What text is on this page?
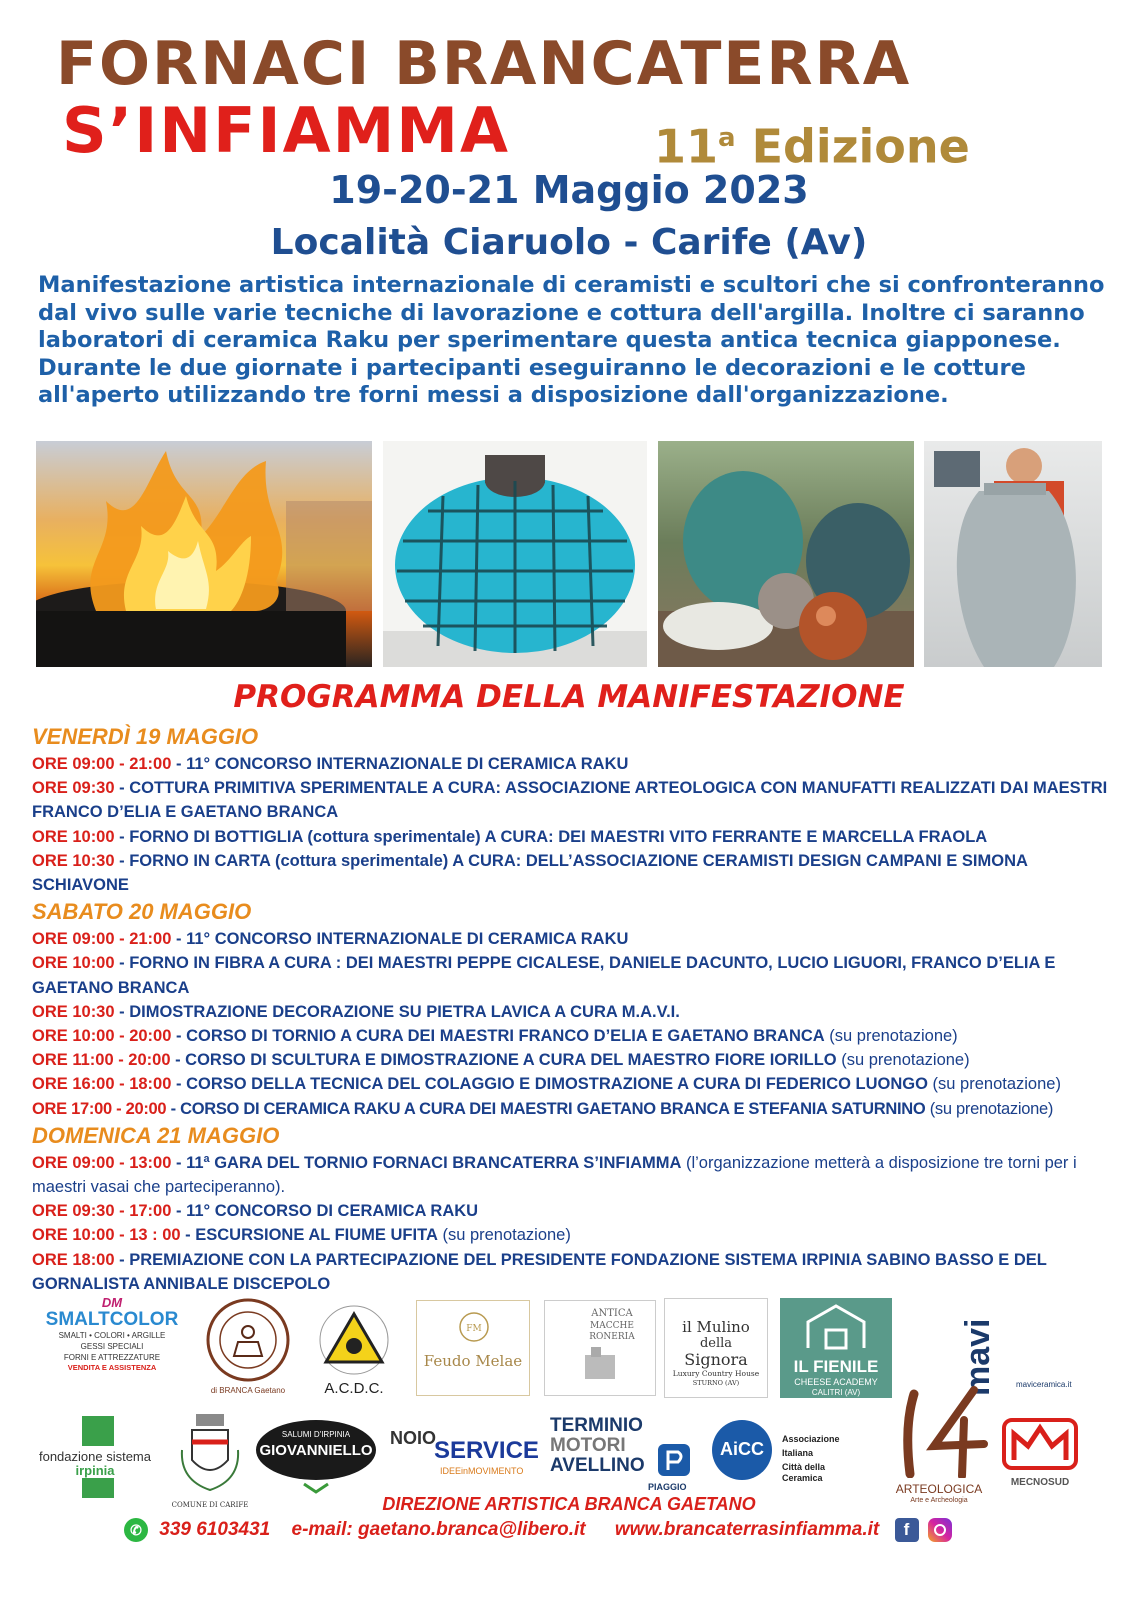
FORNACI BRANCATERRA
S’INFIAMMA	11$^a$ Edizione
19-20-21 Maggio 2023
Località Ciaruolo - Carife (Av)
Manifestazione artistica internazionale di ceramisti e scultori che si confronteranno dal vivo sulle varie tecniche di lavorazione e cottura dell'argilla. Inoltre ci saranno laboratori di ceramica Raku per sperimentare questa antica tecnica giapponese. Durante le due giornate i partecipanti eseguiranno le decorazioni e le cotture all'aperto utilizzando tre forni messi a disposizione dall'organizzazione.
PROGRAMMA DELLA MANIFESTAZIONE
VENERDÌ 19 MAGGIO
ORE 09:00 - 21:00 - 11° CONCORSO INTERNAZIONALE DI CERAMICA RAKU
ORE 09:30 - COTTURA PRIMITIVA SPERIMENTALE A CURA: ASSOCIAZIONE ARTEOLOGICA CON MANUFATTI REALIZZATI DAI MAESTRI FRANCO D’ELIA E GAETANO BRANCA
ORE 10:00 - FORNO DI BOTTIGLIA (cottura sperimentale) A CURA: DEI MAESTRI VITO FERRANTE E MARCELLA FRAOLA
ORE 10:30 - FORNO IN CARTA (cottura sperimentale) A CURA: DELL’ASSOCIAZIONE CERAMISTI DESIGN CAMPANI E SIMONA SCHIAVONE
SABATO 20 MAGGIO
ORE 09:00 - 21:00 - 11° CONCORSO INTERNAZIONALE DI CERAMICA RAKU
ORE 10:00 - FORNO IN FIBRA A CURA : DEI MAESTRI PEPPE CICALESE, DANIELE DACUNTO, LUCIO LIGUORI, FRANCO D’ELIA E GAETANO BRANCA
ORE 10:30 - DIMOSTRAZIONE DECORAZIONE SU PIETRA LAVICA A CURA M.A.V.I.
ORE 10:00 - 20:00 - CORSO DI TORNIO A CURA DEI MAESTRI FRANCO D’ELIA E GAETANO BRANCA (su prenotazione)
ORE 11:00 - 20:00 - CORSO DI SCULTURA E DIMOSTRAZIONE A CURA DEL MAESTRO FIORE IORILLO (su prenotazione)
ORE 16:00 - 18:00 - CORSO DELLA TECNICA DEL COLAGGIO E DIMOSTRAZIONE A CURA DI FEDERICO LUONGO (su prenotazione)
ORE 17:00 - 20:00 - CORSO DI CERAMICA RAKU A CURA DEI MAESTRI GAETANO BRANCA E STEFANIA SATURNINO (su prenotazione)
DOMENICA 21 MAGGIO
ORE 09:00 - 13:00 - 11ª GARA DEL TORNIO FORNACI BRANCATERRA S’INFIAMMA (l’organizzazione metterà a disposizione tre torni per i maestri vasai che parteciperanno).
ORE 09:30 - 17:00 - 11° CONCORSO DI CERAMICA RAKU
ORE 10:00 - 13 : 00 - ESCURSIONE AL FIUME UFITA (su prenotazione)
ORE 18:00 - PREMIAZIONE CON LA PARTECIPAZIONE DEL PRESIDENTE FONDAZIONE SISTEMA IRPINIA SABINO BASSO E DEL GORNALISTA ANNIBALE DISCEPOLO
DM
SMALTCOLOR
SMALTI • COLORI • ARGILLE
GESSI SPECIALI
FORNI E ATTREZZATURE
VENDITA E ASSISTENZA
di BRANCA Gaetano	A.C.D.C.
FM
Feudo Melae
ANTICA
MACCHE
RONERIA
il Mulino
della
Signora
Luxury Country House
STURNO (AV)
IL FIENILE
CHEESE ACADEMY
CALITRI (AV)	mavi maviceramica.it
fondazione sistema irpinia
COMUNE DI CARIFE
SALUMI D'IRPINIA
GIOVANNIELLO
NOIO
SERVICE
IDEEinMOVIMENTO
TERMINIO
MOTORI
AVELLINO
PIAGGIO
AiCC	Associazione
Italiana
Città della Ceramica
ARTEOLOGICA
Arte e Archeologia
MECNOSUD
DIREZIONE ARTISTICA BRANCA GAETANO
✆ 339 6103431 e-mail: gaetano.branca@libero.it www.brancaterrasinfiamma.it f
